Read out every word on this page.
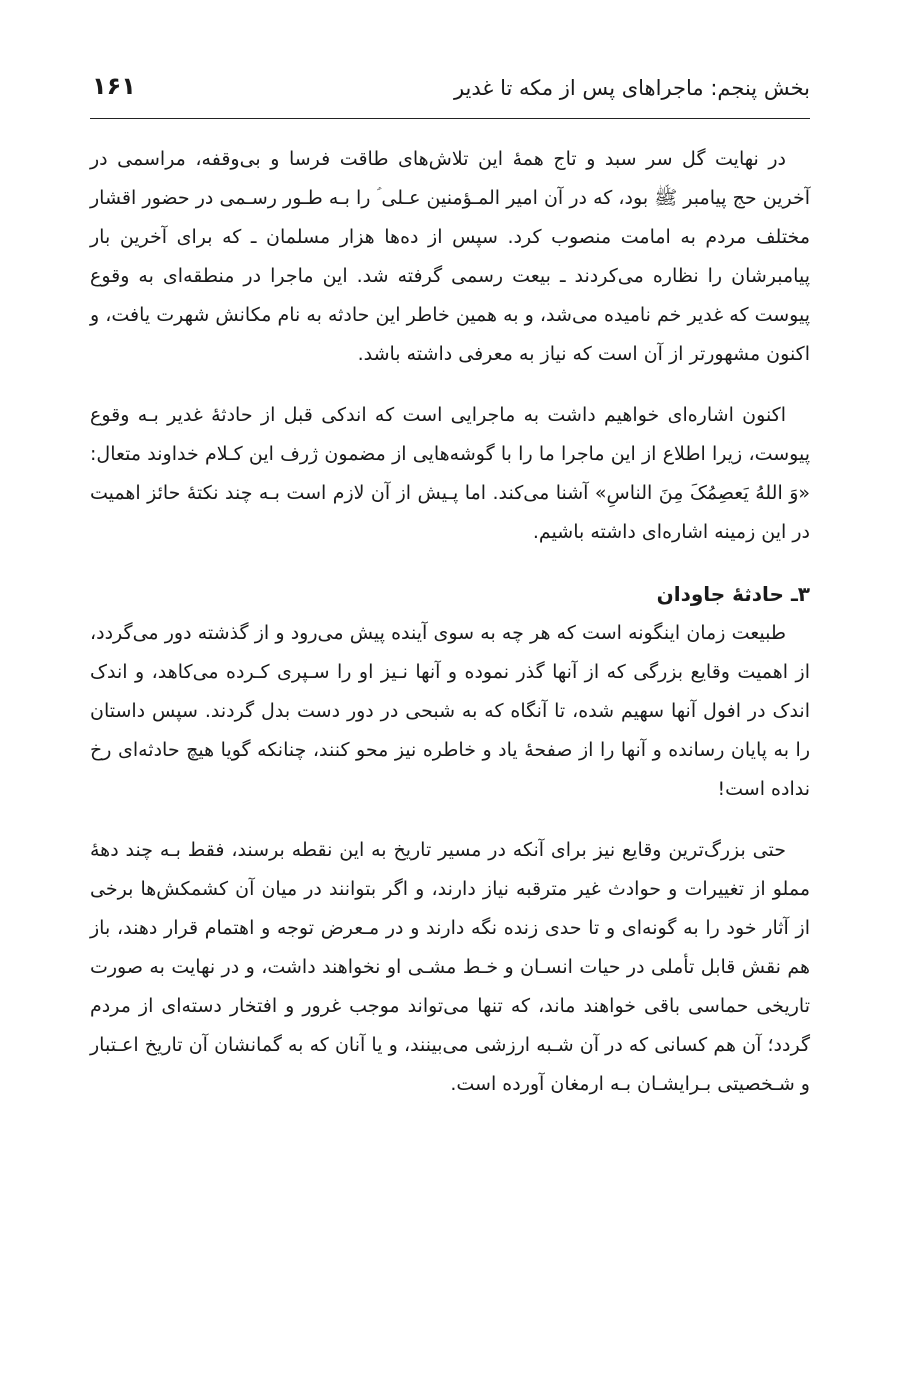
بخش پنجم: ماجراهای پس از مکه تا غدیر
۱۶۱

در نهایت گل سر سبد و تاج همهٔ این تلاش‌های طاقت فرسا و بی‌وقفه، مراسمی در آخرین حج پیامبر ﷺ بود، که در آن امیر المـؤمنین عـلی ؑ را بـه طـور رسـمی در حضور اقشار مختلف مردم به امامت منصوب کرد. سپس از ده‌ها هزار مسلمان ـ که برای آخرین بار پیامبرشان را نظاره می‌کردند ـ بیعت رسمی گرفته شد. این ماجرا در منطقه‌ای به وقوع پیوست که غدیر خم نامیده می‌شد، و به همین خاطر این حادثه به نام مکانش شهرت یافت، و اکنون مشهورتر از آن است که نیاز به معرفی داشته باشد.

اکنون اشاره‌ای خواهیم داشت به ماجرایی است که اندکی قبل از حادثهٔ غدیر بـه وقوع پیوست، زیرا اطلاع از این ماجرا ما را با گوشه‌هایی از مضمون ژرف این کـلام خداوند متعال: «وَ اللهُ یَعصِمُکَ مِنَ الناسِ» آشنا می‌کند. اما پـیش از آن لازم است بـه چند نکتهٔ حائز اهمیت در این زمینه اشاره‌ای داشته باشیم.

۳ـ حادثهٔ جاودان

طبیعت زمان اینگونه است که هر چه به سوی آینده پیش می‌رود و از گذشته دور می‌گردد، از اهمیت وقایع بزرگی که از آنها گذر نموده و آنها نـیز او را سـپری کـرده می‌کاهد، و اندک اندک در افول آنها سهیم شده، تا آنگاه که به شبحی در دور دست بدل گردند. سپس داستان را به پایان رسانده و آنها را از صفحهٔ یاد و خاطره نیز محو کنند، چنانکه گویا هیچ حادثه‌ای رخ نداده است!

حتی بزرگ‌ترین وقایع نیز برای آنکه در مسیر تاریخ به این نقطه برسند، فقط بـه چند دههٔ مملو از تغییرات و حوادث غیر مترقبه نیاز دارند، و اگر بتوانند در میان آن کشمکش‌ها برخی از آثار خود را به گونه‌ای و تا حدی زنده نگه دارند و در مـعرض توجه و اهتمام قرار دهند، باز هم نقش قابل تأملی در حیات انسـان و خـط مشـی او نخواهند داشت، و در نهایت به صورت تاریخی حماسی باقی خواهند ماند، که تنها می‌تواند موجب غرور و افتخار دسته‌ای از مردم گردد؛ آن هم کسانی که در آن شـبه ارزشی می‌بینند، و یا آنان که به گمانشان آن تاریخ اعـتبار و شـخصیتی بـرایشـان بـه ارمغان آورده است.
